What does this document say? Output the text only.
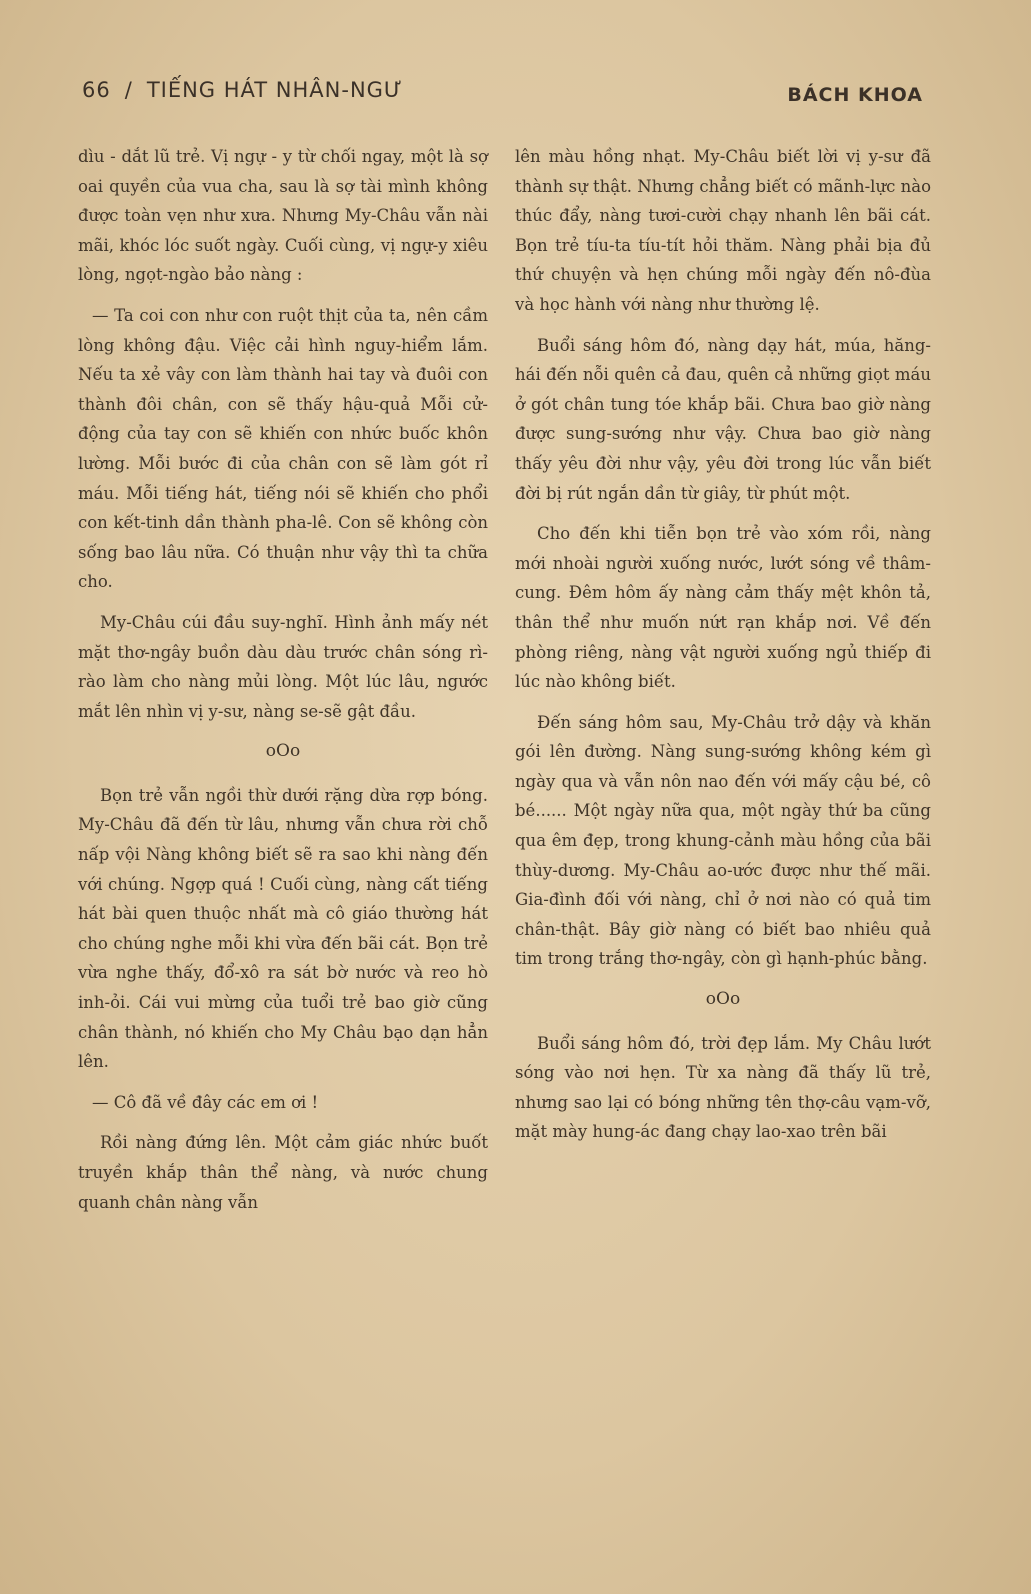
66 / TIẾNG HÁT NHÂN-NGƯ	BÁCH KHOA

dìu - dắt lũ trẻ. Vị ngự - y từ chối ngay, một là sợ oai quyền của vua cha, sau là sợ tài mình không được toàn vẹn như xưa. Nhưng My-Châu vẫn nài mãi, khóc lóc suốt ngày. Cuối cùng, vị ngự-y xiêu lòng, ngọt-ngào bảo nàng :

— Ta coi con như con ruột thịt của ta, nên cầm lòng không đậu. Việc cải hình nguy-hiểm lắm. Nếu ta xẻ vây con làm thành hai tay và đuôi con thành đôi chân, con sẽ thấy hậu-quả Mỗi cử-động của tay con sẽ khiến con nhức buốc khôn lường. Mỗi bước đi của chân con sẽ làm gót rỉ máu. Mỗi tiếng hát, tiếng nói sẽ khiến cho phổi con kết-tinh dần thành pha-lê. Con sẽ không còn sống bao lâu nữa. Có thuận như vậy thì ta chữa cho.

My-Châu cúi đầu suy-nghĩ. Hình ảnh mấy nét mặt thơ-ngây buồn dàu dàu trước chân sóng rì-rào làm cho nàng mủi lòng. Một lúc lâu, ngước mắt lên nhìn vị y-sư, nàng se-sẽ gật đầu.

oOo

Bọn trẻ vẫn ngồi thừ dưới rặng dừa rợp bóng. My-Châu đã đến từ lâu, nhưng vẫn chưa rời chỗ nấp vội Nàng không biết sẽ ra sao khi nàng đến với chúng. Ngợp quá ! Cuối cùng, nàng cất tiếng hát bài quen thuộc nhất mà cô giáo thường hát cho chúng nghe mỗi khi vừa đến bãi cát. Bọn trẻ vừa nghe thấy, đổ-xô ra sát bờ nước và reo hò inh-ỏi. Cái vui mừng của tuổi trẻ bao giờ cũng chân thành, nó khiến cho My Châu bạo dạn hẳn lên.

— Cô đã về đây các em ơi !

Rồi nàng đứng lên. Một cảm giác nhức buốt truyền khắp thân thể nàng, và nước chung quanh chân nàng vẫn

lên màu hồng nhạt. My-Châu biết lời vị y-sư đã thành sự thật. Nhưng chẳng biết có mãnh-lực nào thúc đẩy, nàng tươi-cười chạy nhanh lên bãi cát. Bọn trẻ tíu-ta tíu-tít hỏi thăm. Nàng phải bịa đủ thứ chuyện và hẹn chúng mỗi ngày đến nô-đùa và học hành với nàng như thường lệ.

Buổi sáng hôm đó, nàng dạy hát, múa, hăng-hái đến nỗi quên cả đau, quên cả những giọt máu ở gót chân tung tóe khắp bãi. Chưa bao giờ nàng được sung-sướng như vậy. Chưa bao giờ nàng thấy yêu đời như vậy, yêu đời trong lúc vẫn biết đời bị rút ngắn dần từ giây, từ phút một.

Cho đến khi tiễn bọn trẻ vào xóm rồi, nàng mới nhoài người xuống nước, lướt sóng về thâm-cung. Đêm hôm ấy nàng cảm thấy mệt khôn tả, thân thể như muốn nứt rạn khắp nơi. Về đến phòng riêng, nàng vật người xuống ngủ thiếp đi lúc nào không biết.

Đến sáng hôm sau, My-Châu trở dậy và khăn gói lên đường. Nàng sung-sướng không kém gì ngày qua và vẫn nôn nao đến với mấy cậu bé, cô bé...... Một ngày nữa qua, một ngày thứ ba cũng qua êm đẹp, trong khung-cảnh màu hồng của bãi thùy-dương. My-Châu ao-ước được như thế mãi. Gia-đình đối với nàng, chỉ ở nơi nào có quả tim chân-thật. Bây giờ nàng có biết bao nhiêu quả tim trong trắng thơ-ngây, còn gì hạnh-phúc bằng.

oOo

Buổi sáng hôm đó, trời đẹp lắm. My Châu lướt sóng vào nơi hẹn. Từ xa nàng đã thấy lũ trẻ, nhưng sao lại có bóng những tên thợ-câu vạm-vỡ, mặt mày hung-ác đang chạy lao-xao trên bãi
